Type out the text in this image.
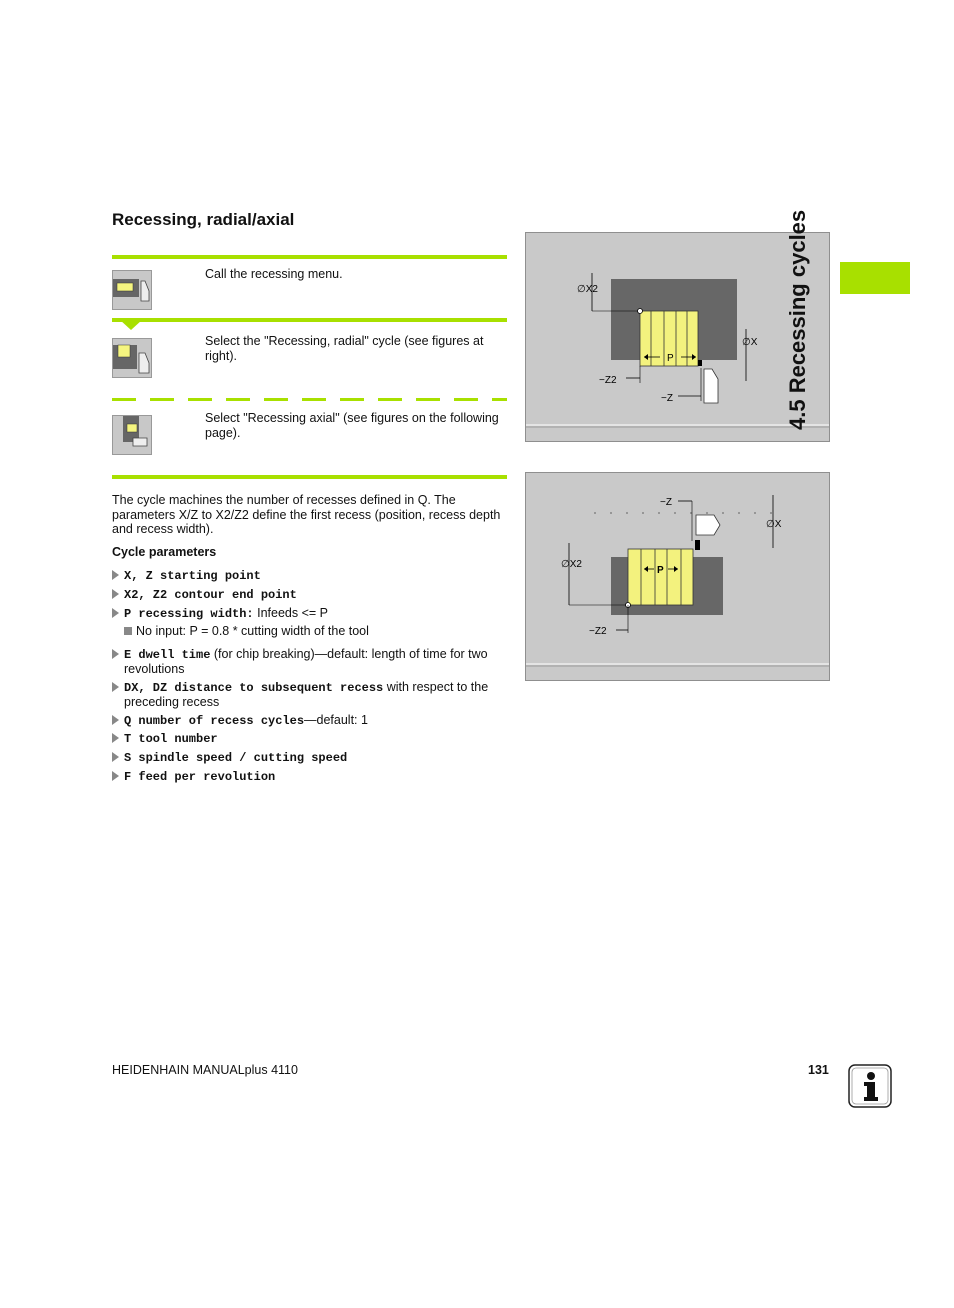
Recessing, radial/axial
Call the recessing menu.
Select the "Recessing, radial" cycle (see figures at right).
Select "Recessing axial" (see figures on the following page).
The cycle machines the number of recesses defined in Q. The parameters X/Z to X2/Z2 define the first recess (position, recess depth and recess width).
Cycle parameters
X, Z starting point
X2, Z2 contour end point
P recessing width: Infeeds <= P
No input: P = 0.8 * cutting width of the tool
E dwell time (for chip breaking)—default: length of time for two revolutions
DX, DZ distance to subsequent recess with respect to the preceding recess
Q number of recess cycles—default: 1
T tool number
S spindle speed / cutting speed
F feed per revolution
∅X2
∅X
P
−Z2
−Z
∅X2
∅X
P
−Z2
−Z
4.5 Recessing cycles
HEIDENHAIN MANUALplus 4110	131
